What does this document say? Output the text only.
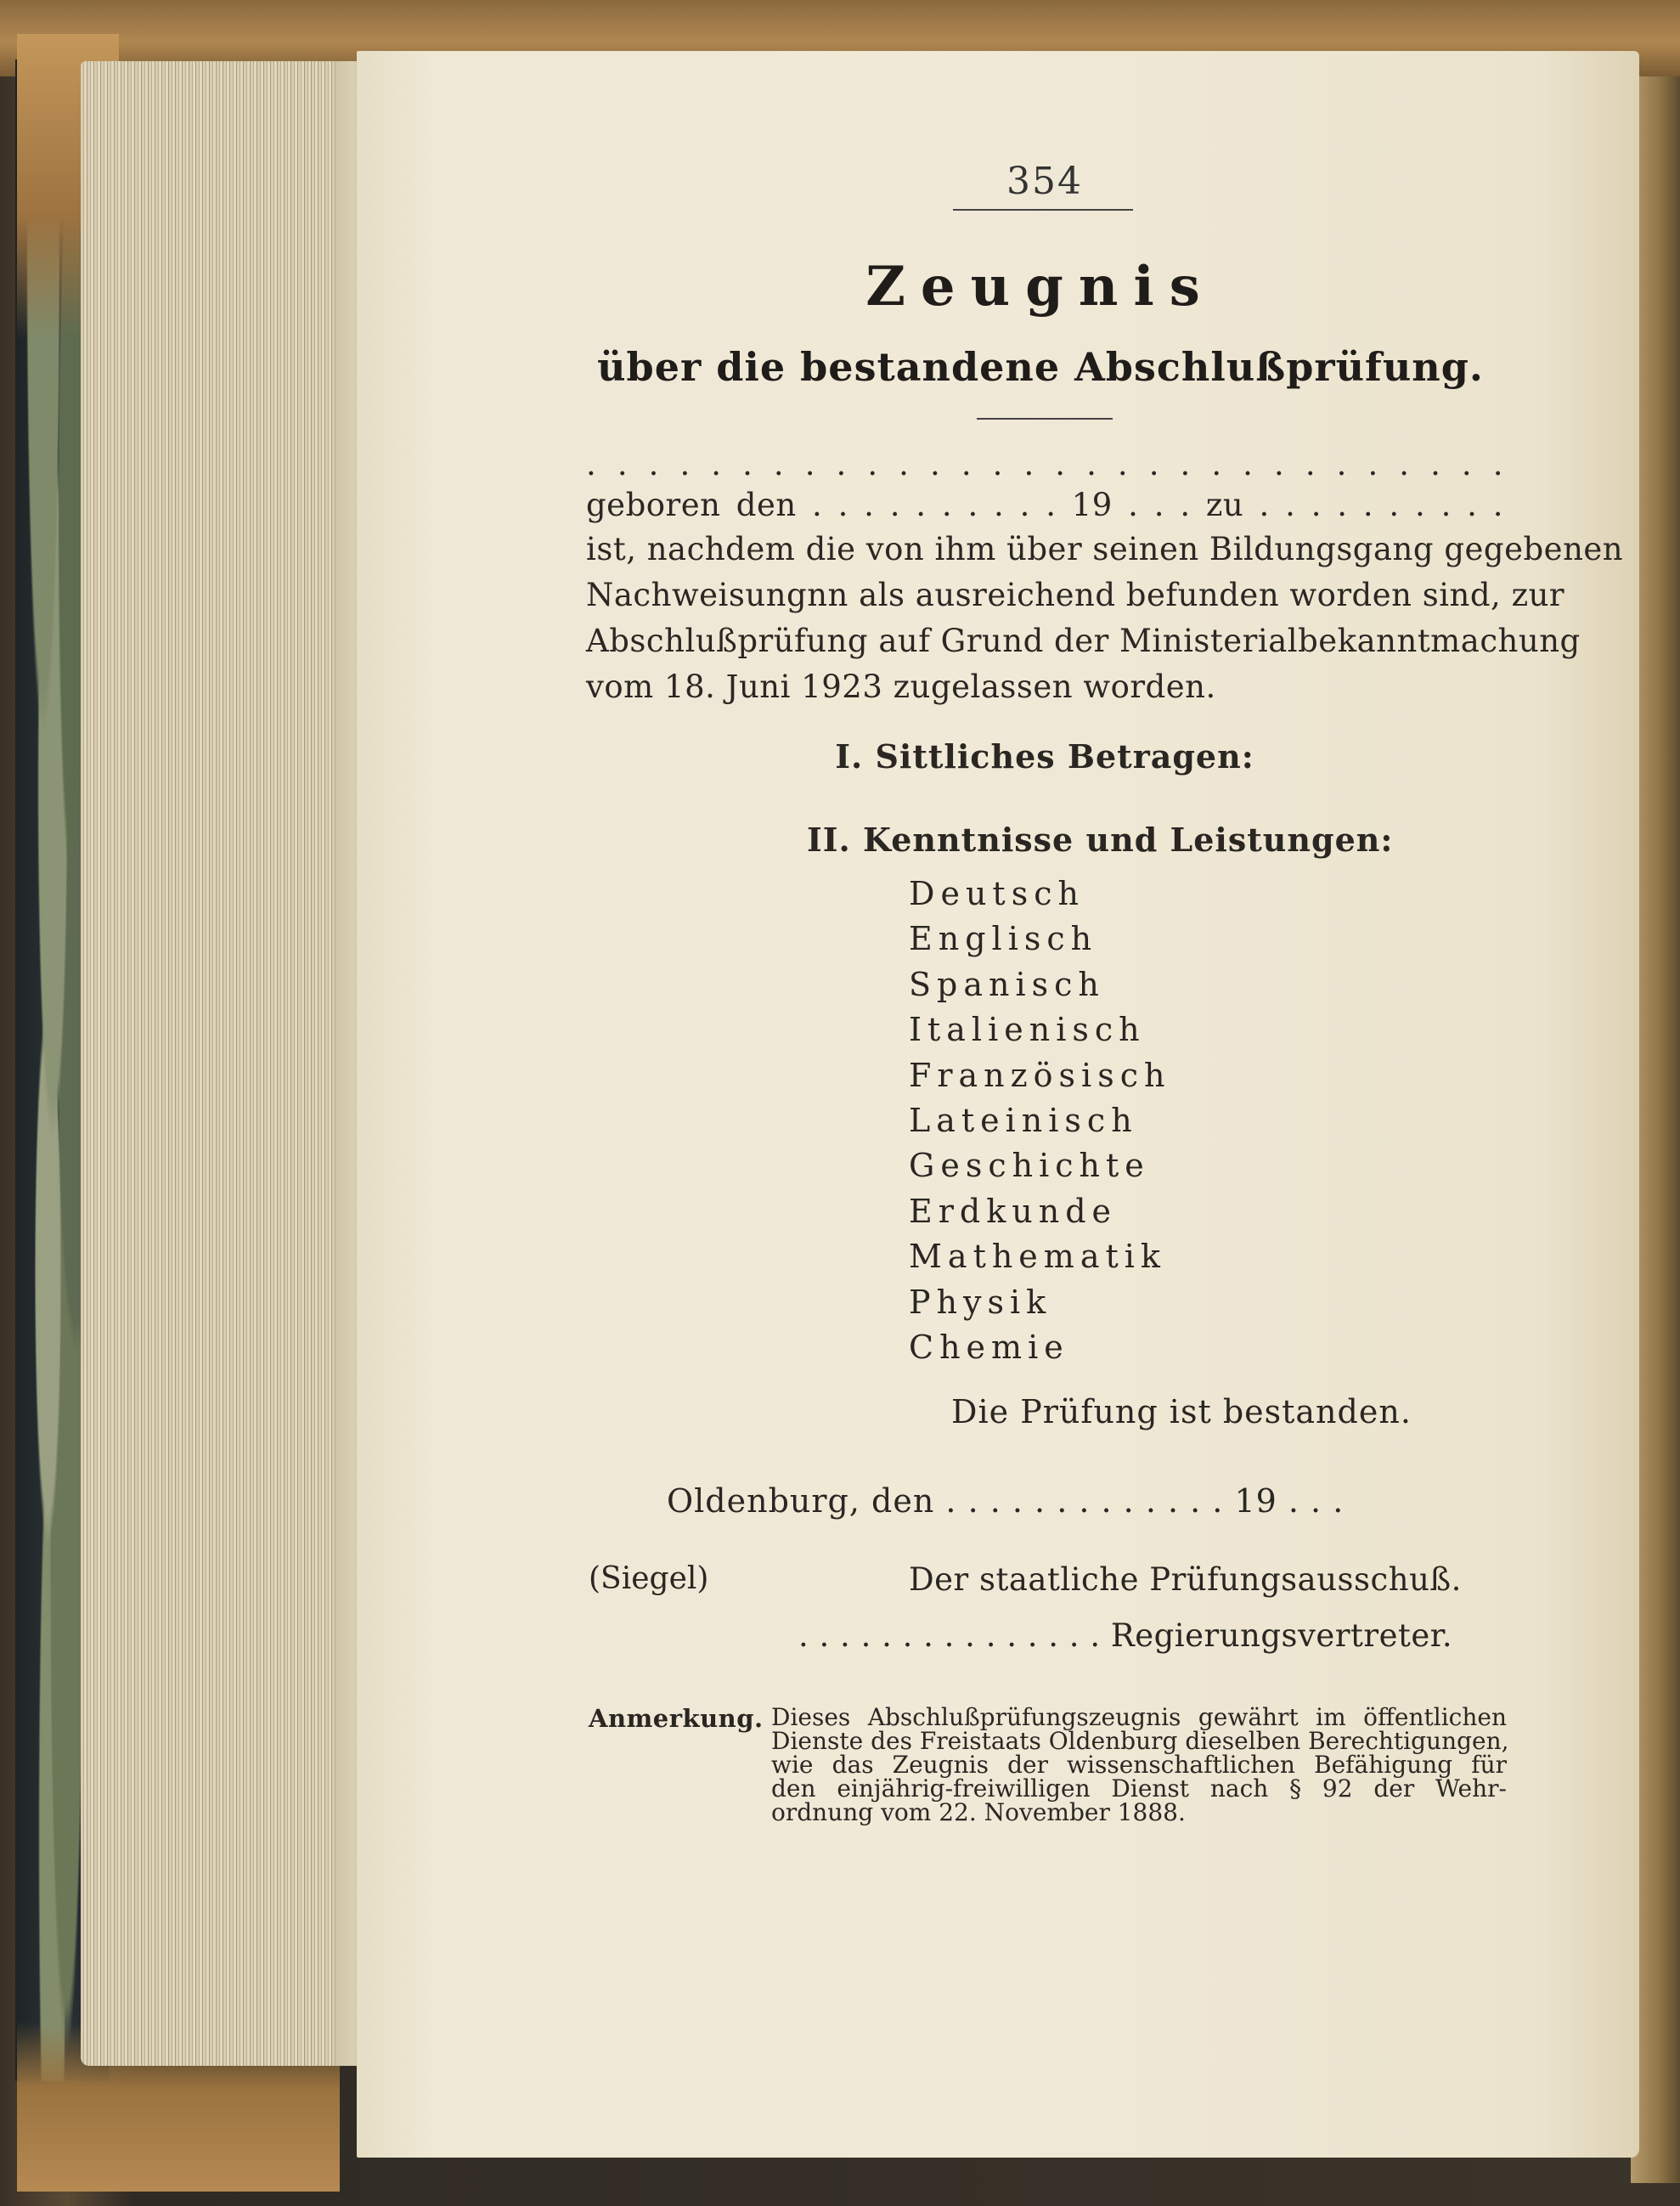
354
Zeugnis
über die bestandene Abschlußprüfung.
. . . . . . . . . . . . . . . . . . . . . . . . . . . . . .
geboren den . . . . . . . . . . 19 . . . zu . . . . . . . . . .
ist, nachdem die von ihm über seinen Bildungsgang gegebenen
Nachweisungnn als ausreichend befunden worden sind, zur
Abschlußprüfung auf Grund der Ministerialbekanntmachung
vom 18. Juni 1923 zugelassen worden.
I. Sittliches Betragen:
II. Kenntnisse und Leistungen:
Deutsch
Englisch
Spanisch
Italienisch
Französisch
Lateinisch
Geschichte
Erdkunde
Mathematik
Physik
Chemie
Die Prüfung ist bestanden.
Oldenburg, den . . . . . . . . . . . . . 19 . . .
(Siegel)	Der staatliche Prüfungsausschuß.
. . . . . . . . . . . . . . . Regierungsvertreter.
Anmerkung. Dieses Abschlußprüfungszeugnis gewährt im öffentlichen
Dienste des Freistaats Oldenburg dieselben Berechtigungen,
wie das Zeugnis der wissenschaftlichen Befähigung für
den einjährig-freiwilligen Dienst nach § 92 der Wehr-
ordnung vom 22. November 1888.
